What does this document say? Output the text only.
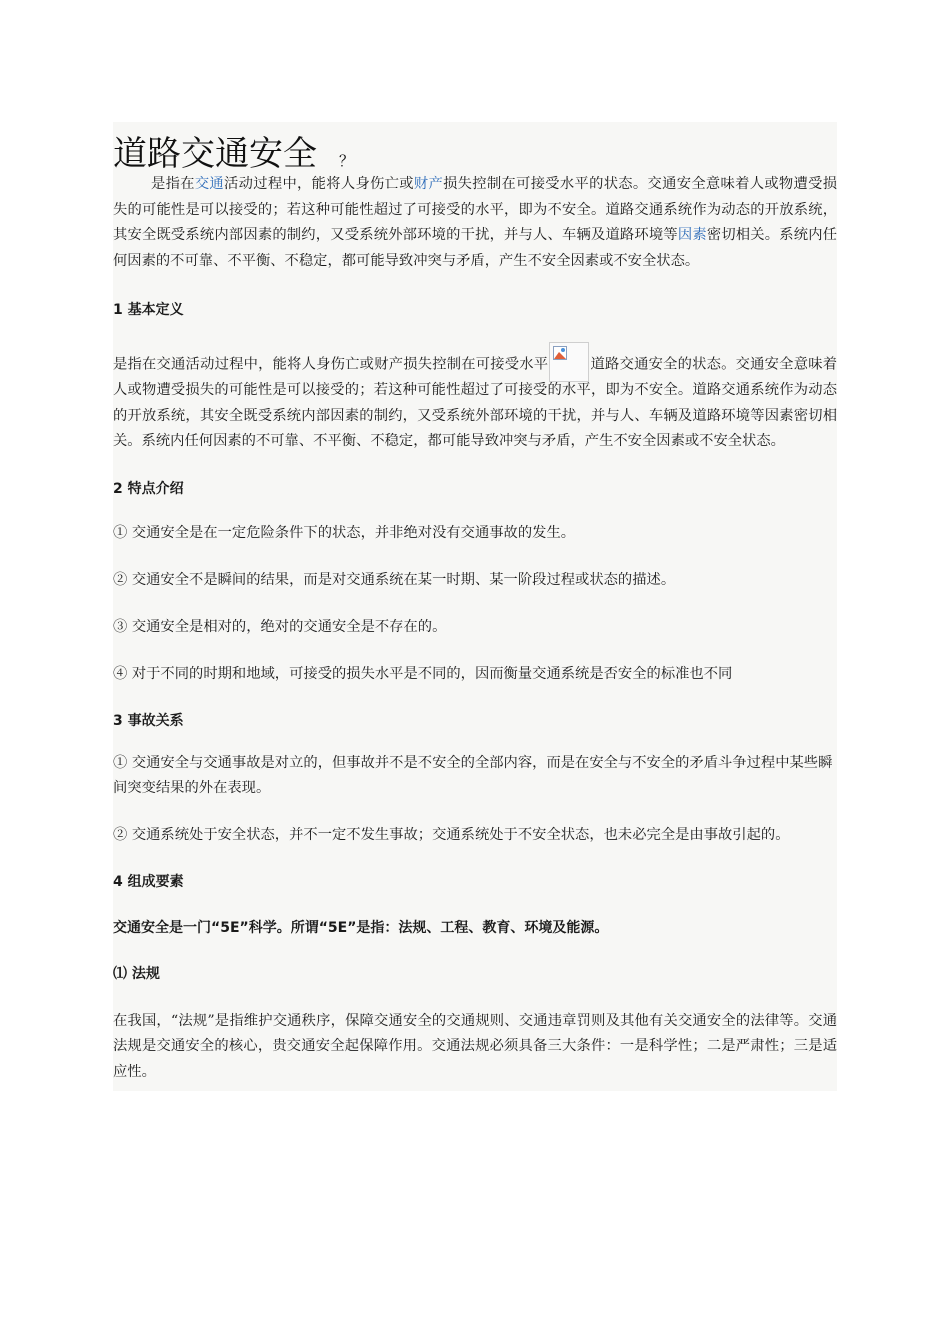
道路交通安全 ？

是指在交通活动过程中，能将人身伤亡或财产损失控制在可接受水平的状态。交通安全意味着人或物遭受损失的可能性是可以接受的；若这种可能性超过了可接受的水平，即为不安全。道路交通系统作为动态的开放系统，其安全既受系统内部因素的制约，又受系统外部环境的干扰，并与人、车辆及道路环境等因素密切相关。系统内任何因素的不可靠、不平衡、不稳定，都可能导致冲突与矛盾，产生不安全因素或不安全状态。

1 基本定义

是指在交通活动过程中，能将人身伤亡或财产损失控制在可接受水平	道路交通安全的状态。交通安全意味着人或物遭受损失的可能性是可以接受的；若这种可能性超过了可接受的水平，即为不安全。道路交通系统作为动态的开放系统，其安全既受系统内部因素的制约，又受系统外部环境的干扰，并与人、车辆及道路环境等因素密切相关。系统内任何因素的不可靠、不平衡、不稳定，都可能导致冲突与矛盾，产生不安全因素或不安全状态。

2 特点介绍

① 交通安全是在一定危险条件下的状态，并非绝对没有交通事故的发生。

② 交通安全不是瞬间的结果，而是对交通系统在某一时期、某一阶段过程或状态的描述。

③ 交通安全是相对的，绝对的交通安全是不存在的。

④ 对于不同的时期和地域，可接受的损失水平是不同的，因而衡量交通系统是否安全的标准也不同

3 事故关系

① 交通安全与交通事故是对立的，但事故并不是不安全的全部内容，而是在安全与不安全的矛盾斗争过程中某些瞬间突变结果的外在表现。

② 交通系统处于安全状态，并不一定不发生事故；交通系统处于不安全状态，也未必完全是由事故引起的。

4 组成要素

交通安全是一门“5E”科学。所谓“5E”是指：法规、工程、教育、环境及能源。

⑴ 法规

在我国，“法规”是指维护交通秩序，保障交通安全的交通规则、交通违章罚则及其他有关交通安全的法律等。交通法规是交通安全的核心，贵交通安全起保障作用。交通法规必须具备三大条件：一是科学性；二是严肃性；三是适应性。
